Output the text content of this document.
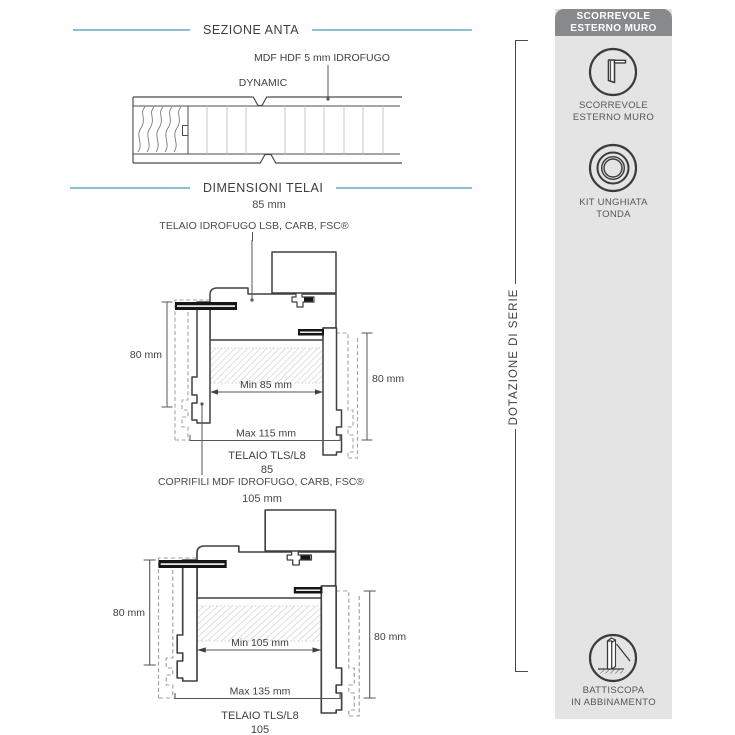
SEZIONE ANTA
MDF HDF 5 mm IDROFUGO
DYNAMIC
DIMENSIONI TELAI
85 mm
TELAIO IDROFUGO LSB, CARB, FSC®
Min 85 mm
Max 115 mm
80 mm
80 mm
TELAIO TLS/L8
85
COPRIFILI MDF IDROFUGO, CARB, FSC®
105 mm
Min 105 mm
Max 135 mm
80 mm
80 mm
TELAIO TLS/L8
105
DOTAZIONE DI SERIE
SCORREVOLE
ESTERNO MURO
SCORREVOLE
ESTERNO MURO
KIT UNGHIATA
TONDA
BATTISCOPA
IN ABBINAMENTO
